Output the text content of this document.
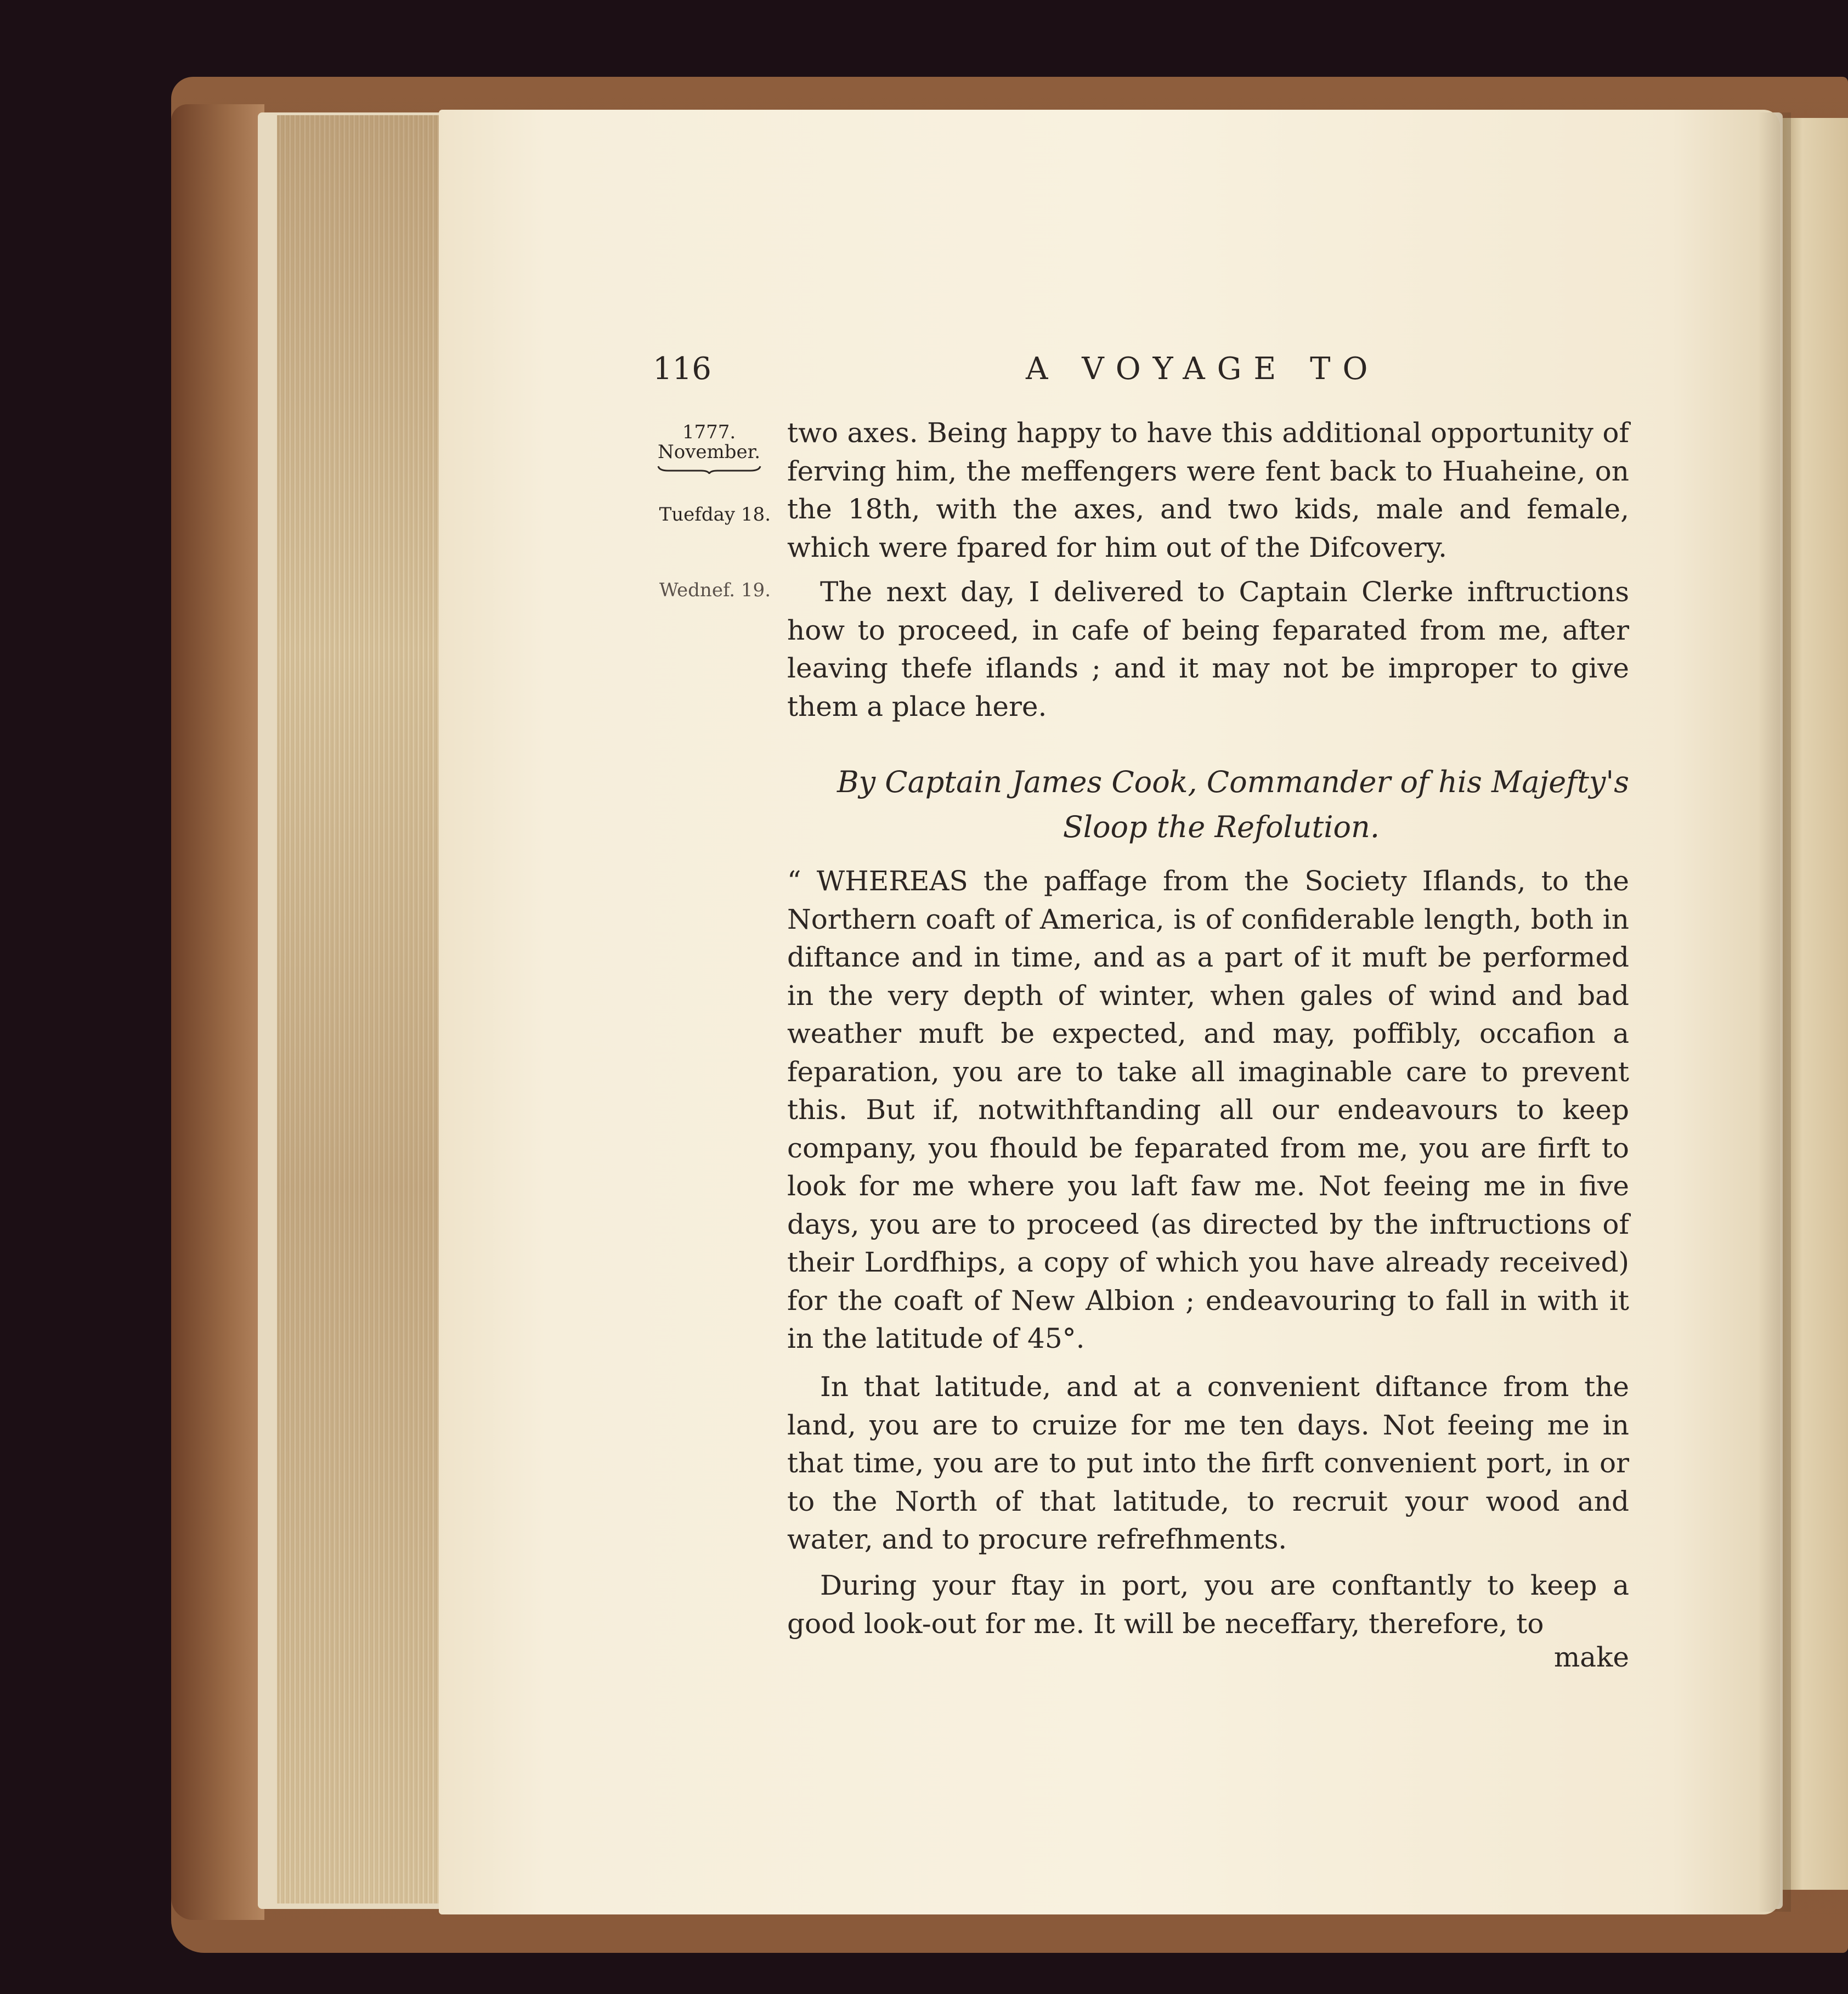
116	A VOYAGE TO
1777.
November.
Tuefday 18.
Wednef. 19.

two axes. Being happy to have this additional opportunity of ferving him, the meffengers were fent back to Huaheine, on the 18th, with the axes, and two kids, male and female, which were fpared for him out of the Difcovery.

The next day, I delivered to Captain Clerke inftructions how to proceed, in cafe of being feparated from me, after leaving thefe iflands ; and it may not be improper to give them a place here.

By Captain James Cook, Commander of his Majefty's
Sloop the Refolution.

“ WHEREAS the paffage from the Society Iflands, to the Northern coaft of America, is of confiderable length, both in diftance and in time, and as a part of it muft be performed in the very depth of winter, when gales of wind and bad weather muft be expected, and may, poffibly, occafion a feparation, you are to take all imaginable care to prevent this. But if, notwithftanding all our endeavours to keep company, you fhould be feparated from me, you are firft to look for me where you laft faw me. Not feeing me in five days, you are to proceed (as directed by the inftructions of their Lordfhips, a copy of which you have already received) for the coaft of New Albion ; endeavouring to fall in with it in the latitude of 45°.

In that latitude, and at a convenient diftance from the land, you are to cruize for me ten days. Not feeing me in that time, you are to put into the firft convenient port, in or to the North of that latitude, to recruit your wood and water, and to procure refrefhments.

During your ftay in port, you are conftantly to keep a good look-out for me. It will be neceffary, therefore, to

make
